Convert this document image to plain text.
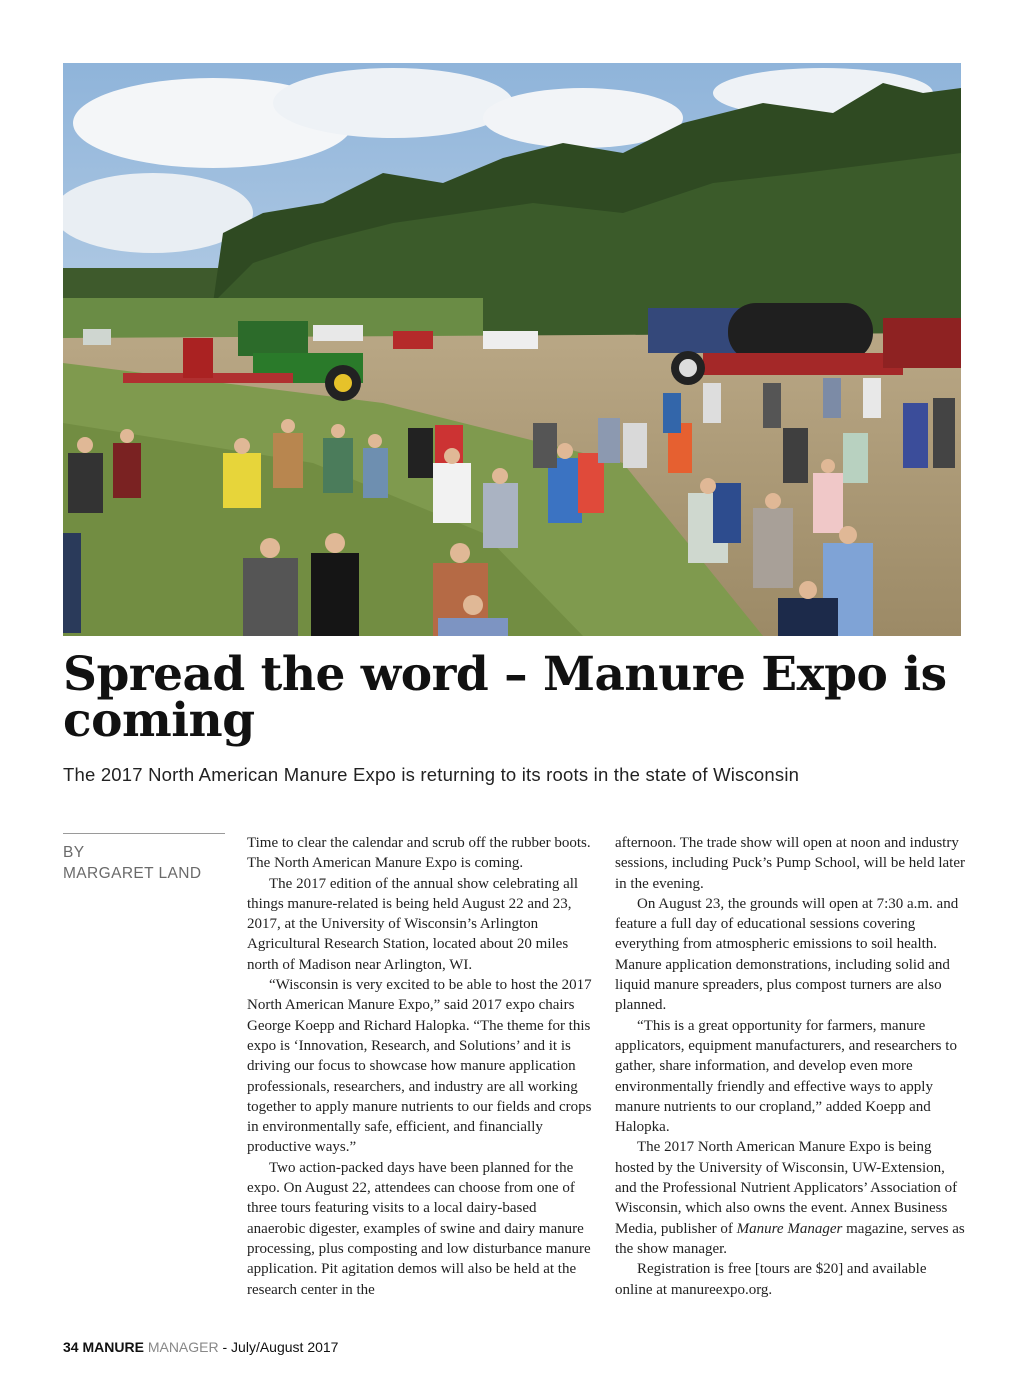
Spread the word – Manure Expo is coming

The 2017 North American Manure Expo is returning to its roots in the state of Wisconsin

BY
MARGARET LAND

Time to clear the calendar and scrub off the rubber boots. The North American Manure Expo is coming.

The 2017 edition of the annual show celebrating all things manure-related is being held August 22 and 23, 2017, at the University of Wisconsin’s Arlington Agricultural Research Station, located about 20 miles north of Madison near Arlington, WI.

“Wisconsin is very excited to be able to host the 2017 North American Manure Expo,” said 2017 expo chairs George Koepp and Richard Halopka. “The theme for this expo is ‘Innovation, Research, and Solutions’ and it is driving our focus to showcase how manure application professionals, researchers, and industry are all working together to apply manure nutrients to our fields and crops in environmentally safe, efficient, and financially productive ways.”

Two action-packed days have been planned for the expo. On August 22, attendees can choose from one of three tours featuring visits to a local dairy-based anaerobic digester, examples of swine and dairy manure processing, plus composting and low disturbance manure application. Pit agitation demos will also be held at the research center in the

afternoon. The trade show will open at noon and industry sessions, including Puck’s Pump School, will be held later in the evening.

On August 23, the grounds will open at 7:30 a.m. and feature a full day of educational sessions covering everything from atmospheric emissions to soil health. Manure application demonstrations, including solid and liquid manure spreaders, plus compost turners are also planned.

“This is a great opportunity for farmers, manure applicators, equipment manufacturers, and researchers to gather, share information, and develop even more environmentally friendly and effective ways to apply manure nutrients to our cropland,” added Koepp and Halopka.

The 2017 North American Manure Expo is being hosted by the University of Wisconsin, UW-Extension, and the Professional Nutrient Applicators’ Association of Wisconsin, which also owns the event. Annex Business Media, publisher of Manure Manager magazine, serves as the show manager.

Registration is free [tours are $20] and available online at manureexpo.org.

34 MANURE MANAGER - July/August 2017
